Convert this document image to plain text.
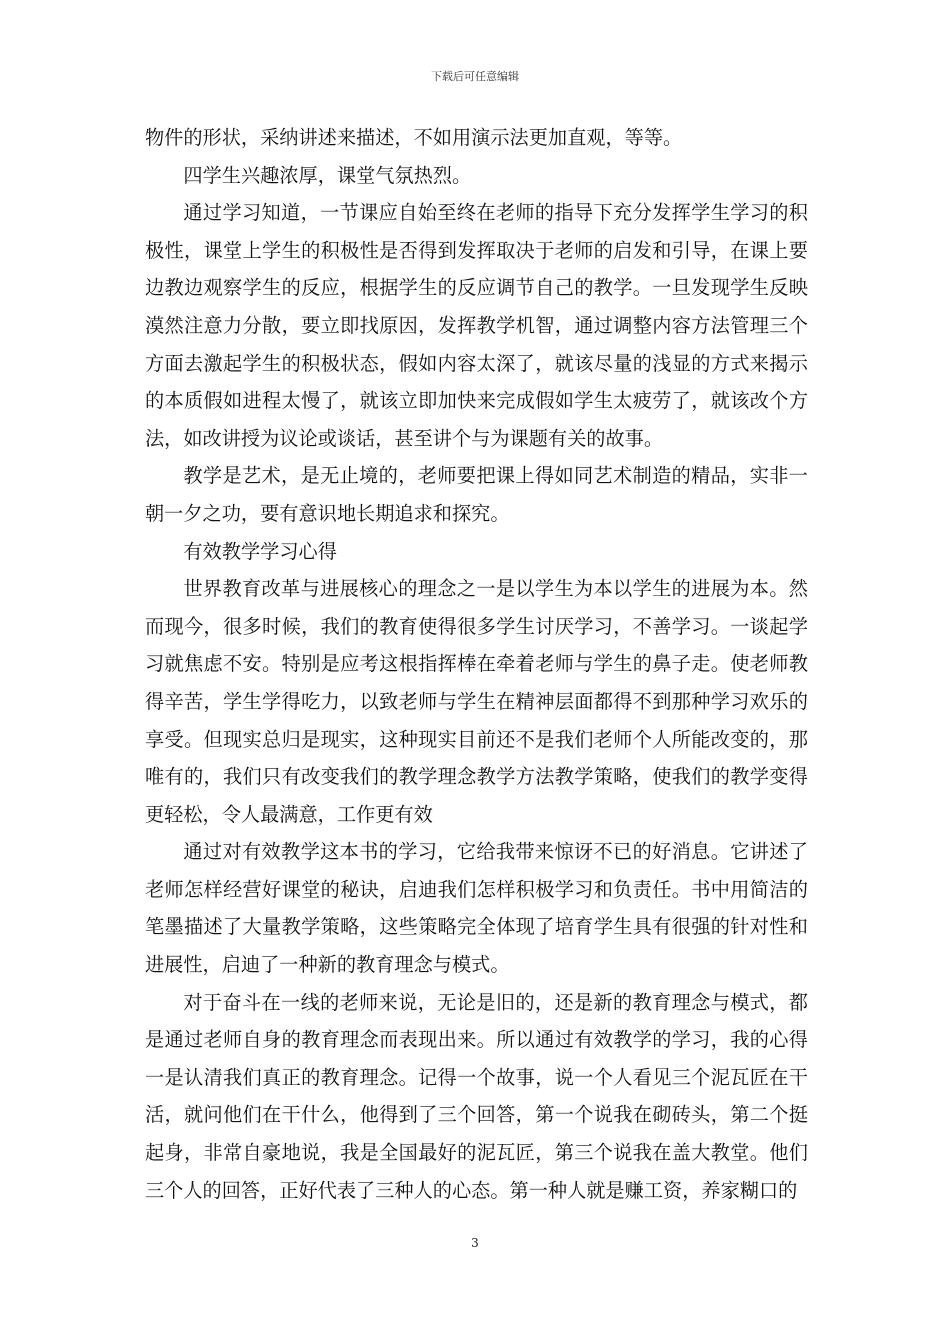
下载后可任意编辑

物件的形状，采纳讲述来描述，不如用演示法更加直观，等等。

四学生兴趣浓厚，课堂气氛热烈。

通过学习知道，一节课应自始至终在老师的指导下充分发挥学生学习的积极性，课堂上学生的积极性是否得到发挥取决于老师的启发和引导，在课上要边教边观察学生的反应，根据学生的反应调节自己的教学。一旦发现学生反映漠然注意力分散，要立即找原因，发挥教学机智，通过调整内容方法管理三个方面去激起学生的积极状态，假如内容太深了，就该尽量的浅显的方式来揭示的本质假如进程太慢了，就该立即加快来完成假如学生太疲劳了，就该改个方法，如改讲授为议论或谈话，甚至讲个与为课题有关的故事。

教学是艺术，是无止境的，老师要把课上得如同艺术制造的精品，实非一朝一夕之功，要有意识地长期追求和探究。

有效教学学习心得

世界教育改革与进展核心的理念之一是以学生为本以学生的进展为本。然而现今，很多时候，我们的教育使得很多学生讨厌学习，不善学习。一谈起学习就焦虑不安。特别是应考这根指挥棒在牵着老师与学生的鼻子走。使老师教得辛苦，学生学得吃力，以致老师与学生在精神层面都得不到那种学习欢乐的享受。但现实总归是现实，这种现实目前还不是我们老师个人所能改变的，那唯有的，我们只有改变我们的教学理念教学方法教学策略，使我们的教学变得更轻松，令人最满意，工作更有效

通过对有效教学这本书的学习，它给我带来惊讶不已的好消息。它讲述了老师怎样经营好课堂的秘诀，启迪我们怎样积极学习和负责任。书中用简洁的笔墨描述了大量教学策略，这些策略完全体现了培育学生具有很强的针对性和进展性，启迪了一种新的教育理念与模式。

对于奋斗在一线的老师来说，无论是旧的，还是新的教育理念与模式，都是通过老师自身的教育理念而表现出来。所以通过有效教学的学习，我的心得一是认清我们真正的教育理念。记得一个故事，说一个人看见三个泥瓦匠在干活，就问他们在干什么，他得到了三个回答，第一个说我在砌砖头，第二个挺起身，非常自豪地说，我是全国最好的泥瓦匠，第三个说我在盖大教堂。他们三个人的回答，正好代表了三种人的心态。第一种人就是赚工资，养家糊口的

3
